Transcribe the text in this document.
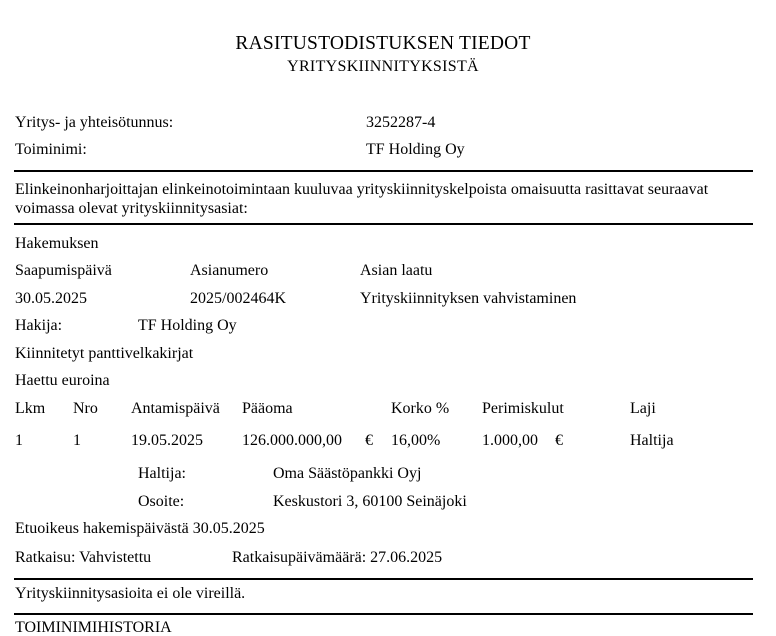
RASITUSTODISTUKSEN TIEDOT
YRITYSKIINNITYKSISTÄ
Yritys- ja yhteisötunnus:	3252287-4
Toiminimi:	TF Holding Oy
Elinkeinonharjoittajan elinkeinotoimintaan kuuluvaa yrityskiinnityskelpoista omaisuutta rasittavat seuraavat voimassa olevat yrityskiinnitysasiat:
Hakemuksen
Saapumispäivä	Asianumero	Asian laatu
30.05.2025	2025/002464K	Yrityskiinnityksen vahvistaminen
Hakija:	TF Holding Oy
Kiinnitetyt panttivelkakirjat
Haettu euroina
Lkm Nro Antamispäivä Pääoma	Korko % Perimiskulut	Laji
1	1	19.05.2025 126.000.000,00 € 16,00%	1.000,00 €	Haltija
Haltija:	Oma Säästöpankki Oyj
Osoite:	Keskustori 3, 60100 Seinäjoki
Etuoikeus hakemispäivästä 30.05.2025
Ratkaisu: Vahvistettu	Ratkaisupäivämäärä: 27.06.2025
Yrityskiinnitysasioita ei ole vireillä.
TOIMINIMIHISTORIA
